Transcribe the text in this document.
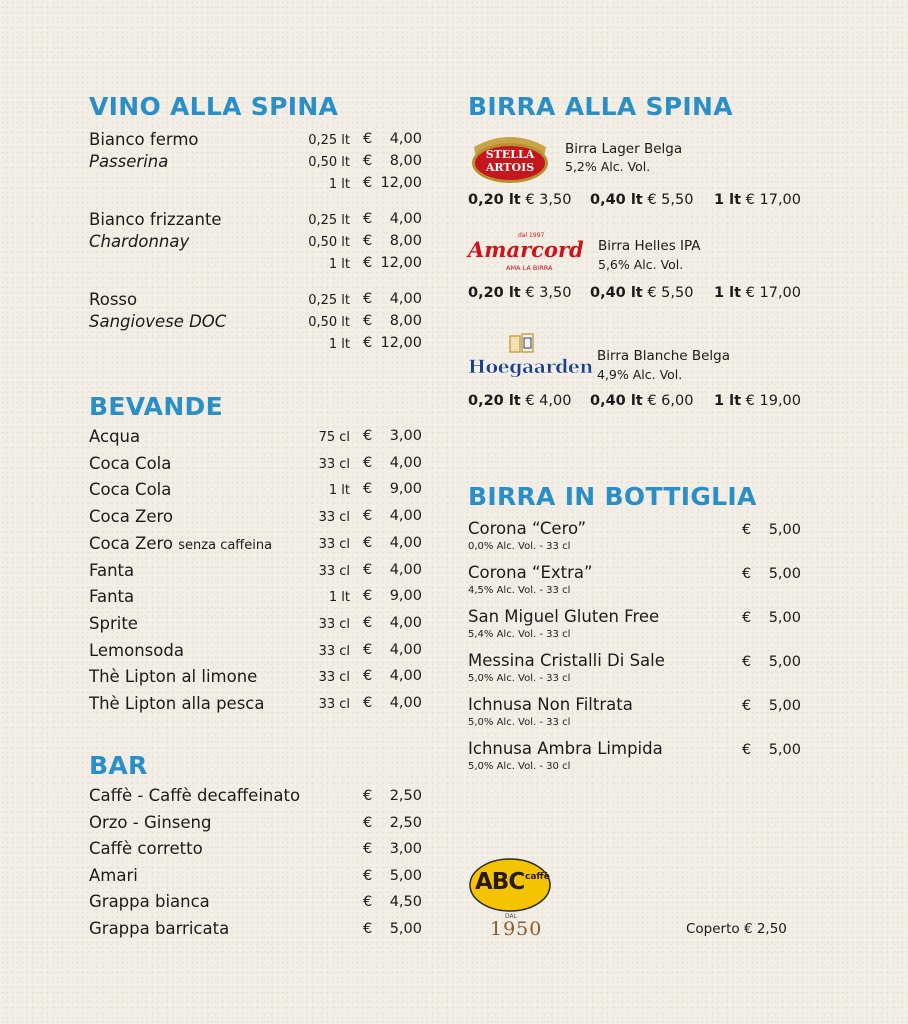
VINO ALLA SPINA
Bianco fermo
Passerina
0,25 lt €	4,00
0,50 lt €	8,00
1 lt € 12,00
Bianco frizzante
Chardonnay
0,25 lt €	4,00
0,50 lt €	8,00
1 lt € 12,00
Rosso
Sangiovese DOC
0,25 lt €	4,00
0,50 lt €	8,00
1 lt € 12,00
BEVANDE
Acqua	75 cl €	3,00
Coca Cola	33 cl €	4,00
Coca Cola	1 lt €	9,00
Coca Zero	33 cl €	4,00
Coca Zero senza caffeina	33 cl €	4,00
Fanta	33 cl €	4,00
Fanta	1 lt €	9,00
Sprite	33 cl €	4,00
Lemonsoda	33 cl €	4,00
Thè Lipton al limone	33 cl €	4,00
Thè Lipton alla pesca	33 cl €	4,00
BAR
Caffè - Caffè decaffeinato	€	2,50
Orzo - Ginseng	€	2,50
Caffè corretto	€	3,00
Amari	€	5,00
Grappa bianca	€	4,50
Grappa barricata	€	5,00
BIRRA ALLA SPINA
STELLA ARTOIS
Birra Lager Belga
5,2% Alc. Vol.
0,20 lt € 3,50 0,40 lt € 5,50 1 lt € 17,00
dal 1997
Amarcord
AMA LA BIRRA
Birra Helles IPA
5,6% Alc. Vol.
0,20 lt € 3,50 0,40 lt € 5,50 1 lt € 17,00
Hoegaarden Birra Blanche Belga
4,9% Alc. Vol.
0,20 lt € 4,00 0,40 lt € 6,00 1 lt € 19,00
BIRRA IN BOTTIGLIA
Corona “Cero”
0,0% Alc. Vol. - 33 cl
€	5,00
Corona “Extra”
4,5% Alc. Vol. - 33 cl
€	5,00
San Miguel Gluten Free
5,4% Alc. Vol. - 33 cl
€	5,00
Messina Cristalli Di Sale
5,0% Alc. Vol. - 33 cl
€	5,00
Ichnusa Non Filtrata
5,0% Alc. Vol. - 33 cl
€	5,00
Ichnusa Ambra Limpida
5,0% Alc. Vol. - 30 cl
€	5,00
ABC caffè
DAL
1950	Coperto € 2,50
